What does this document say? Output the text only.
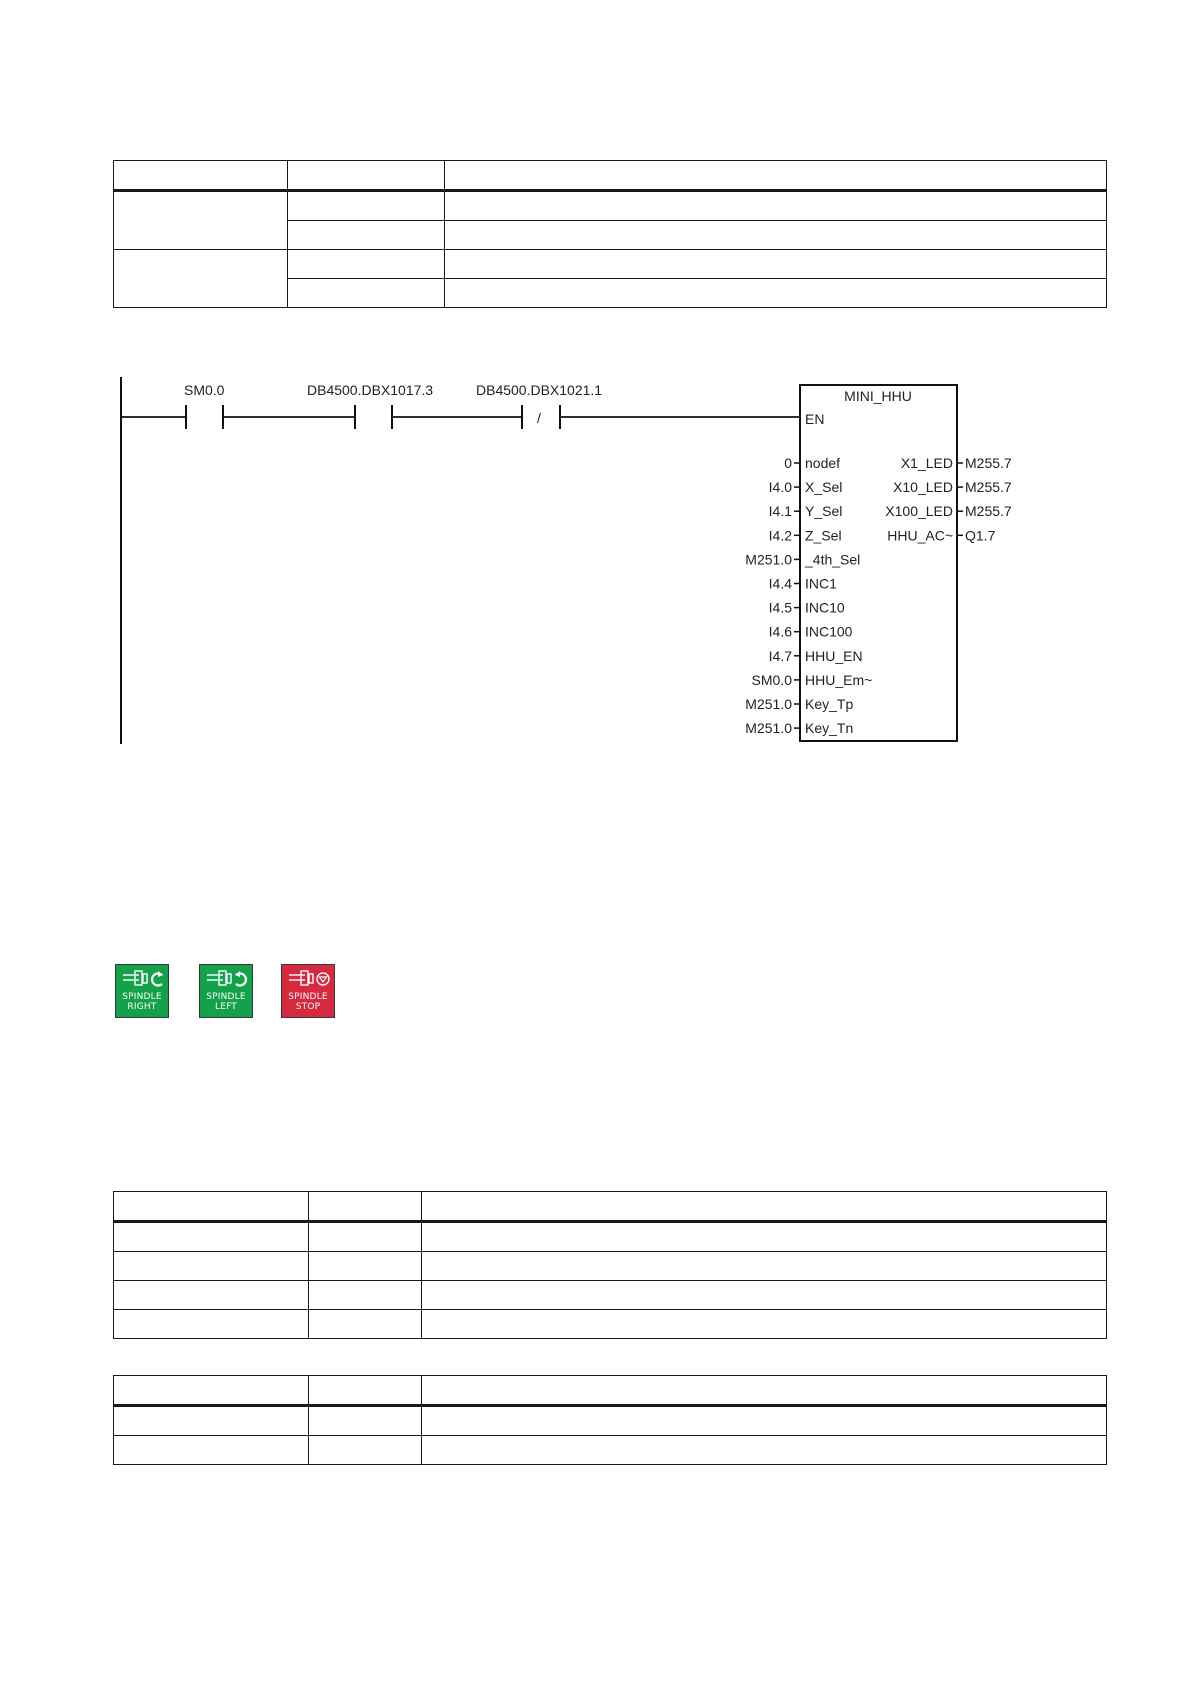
SM0.0	DB4500.DBX1017.3
/
DB4500.DBX1021.1	MINI_HHU
EN
0 nodef
I4.0 X_Sel
I4.1 Y_Sel
I4.2 Z_Sel
M251.0 _4th_Sel
I4.4 INC1
I4.5 INC10
I4.6 INC100
I4.7 HHU_EN
SM0.0 HHU_Em~
M251.0 Key_Tp
M251.0 Key_Tn
X1_LED M255.7
X10_LED M255.7
X100_LED M255.7
HHU_AC~ Q1.7
SPINDLE
RIGHT
SPINDLE
LEFT
SPINDLE
STOP
